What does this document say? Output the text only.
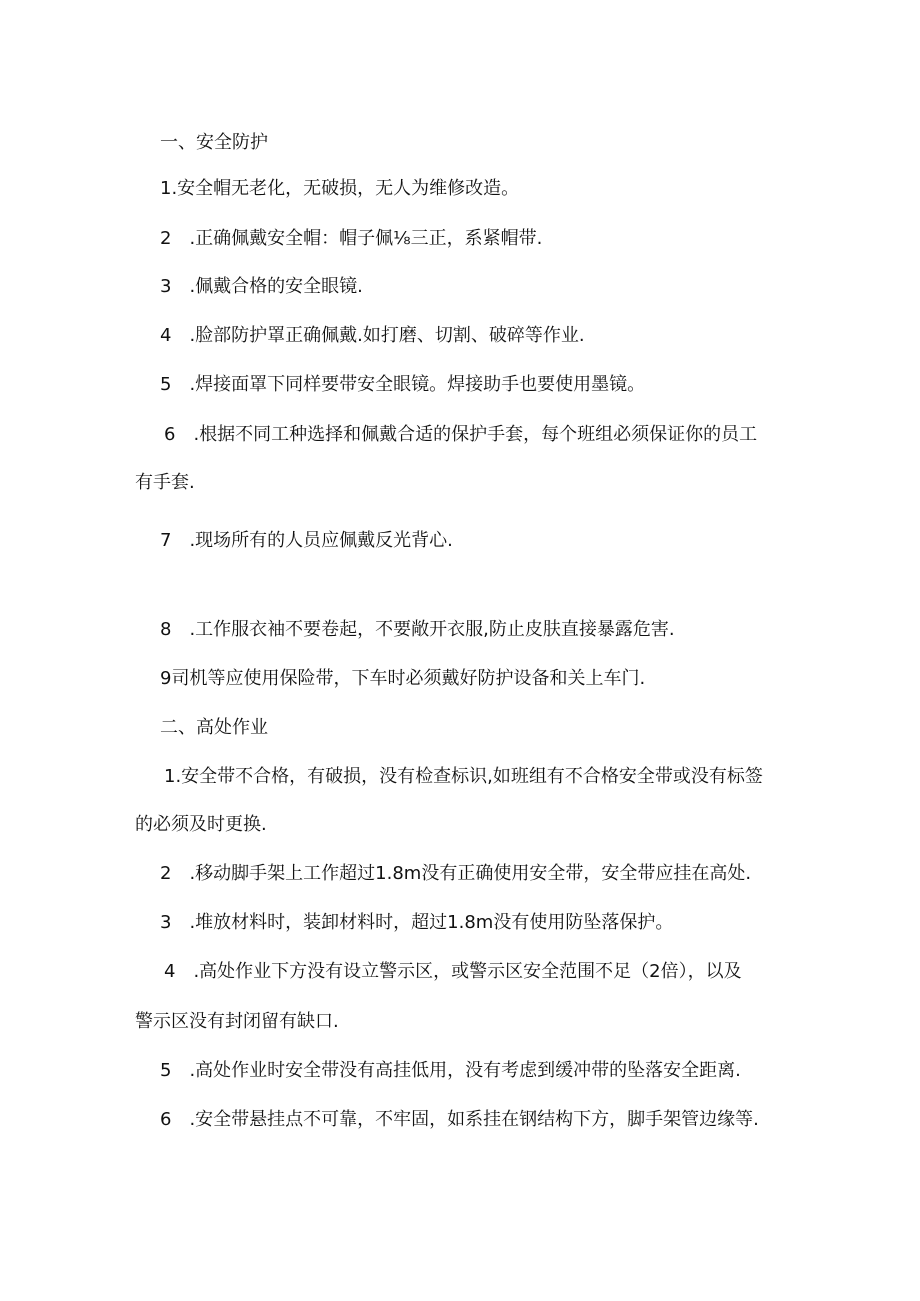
一、安全防护
1.安全帽无老化，无破损，无人为维修改造。
2　.正确佩戴安全帽：帽子佩⅛三正，系紧帽带.
3　.佩戴合格的安全眼镜.
4　.脸部防护罩正确佩戴.如打磨、切割、破碎等作业.
5　.焊接面罩下同样要带安全眼镜。焊接助手也要使用墨镜。
6　.根据不同工种选择和佩戴合适的保护手套，每个班组必须保证你的员工
有手套.
7　.现场所有的人员应佩戴反光背心.
8　.工作服衣袖不要卷起，不要敞开衣服,防止皮肤直接暴露危害.
9司机等应使用保险带，下车时必须戴好防护设备和关上车门.
二、高处作业
1.安全带不合格，有破损，没有检查标识,如班组有不合格安全带或没有标签
的必须及时更换.
2　.移动脚手架上工作超过1.8m没有正确使用安全带，安全带应挂在高处.
3　.堆放材料时，装卸材料时，超过1.8m没有使用防坠落保护。
4　.高处作业下方没有设立警示区，或警示区安全范围不足（2倍），以及
警示区没有封闭留有缺口.
5　.高处作业时安全带没有高挂低用，没有考虑到缓冲带的坠落安全距离.
6　.安全带悬挂点不可靠，不牢固，如系挂在钢结构下方，脚手架管边缘等.
